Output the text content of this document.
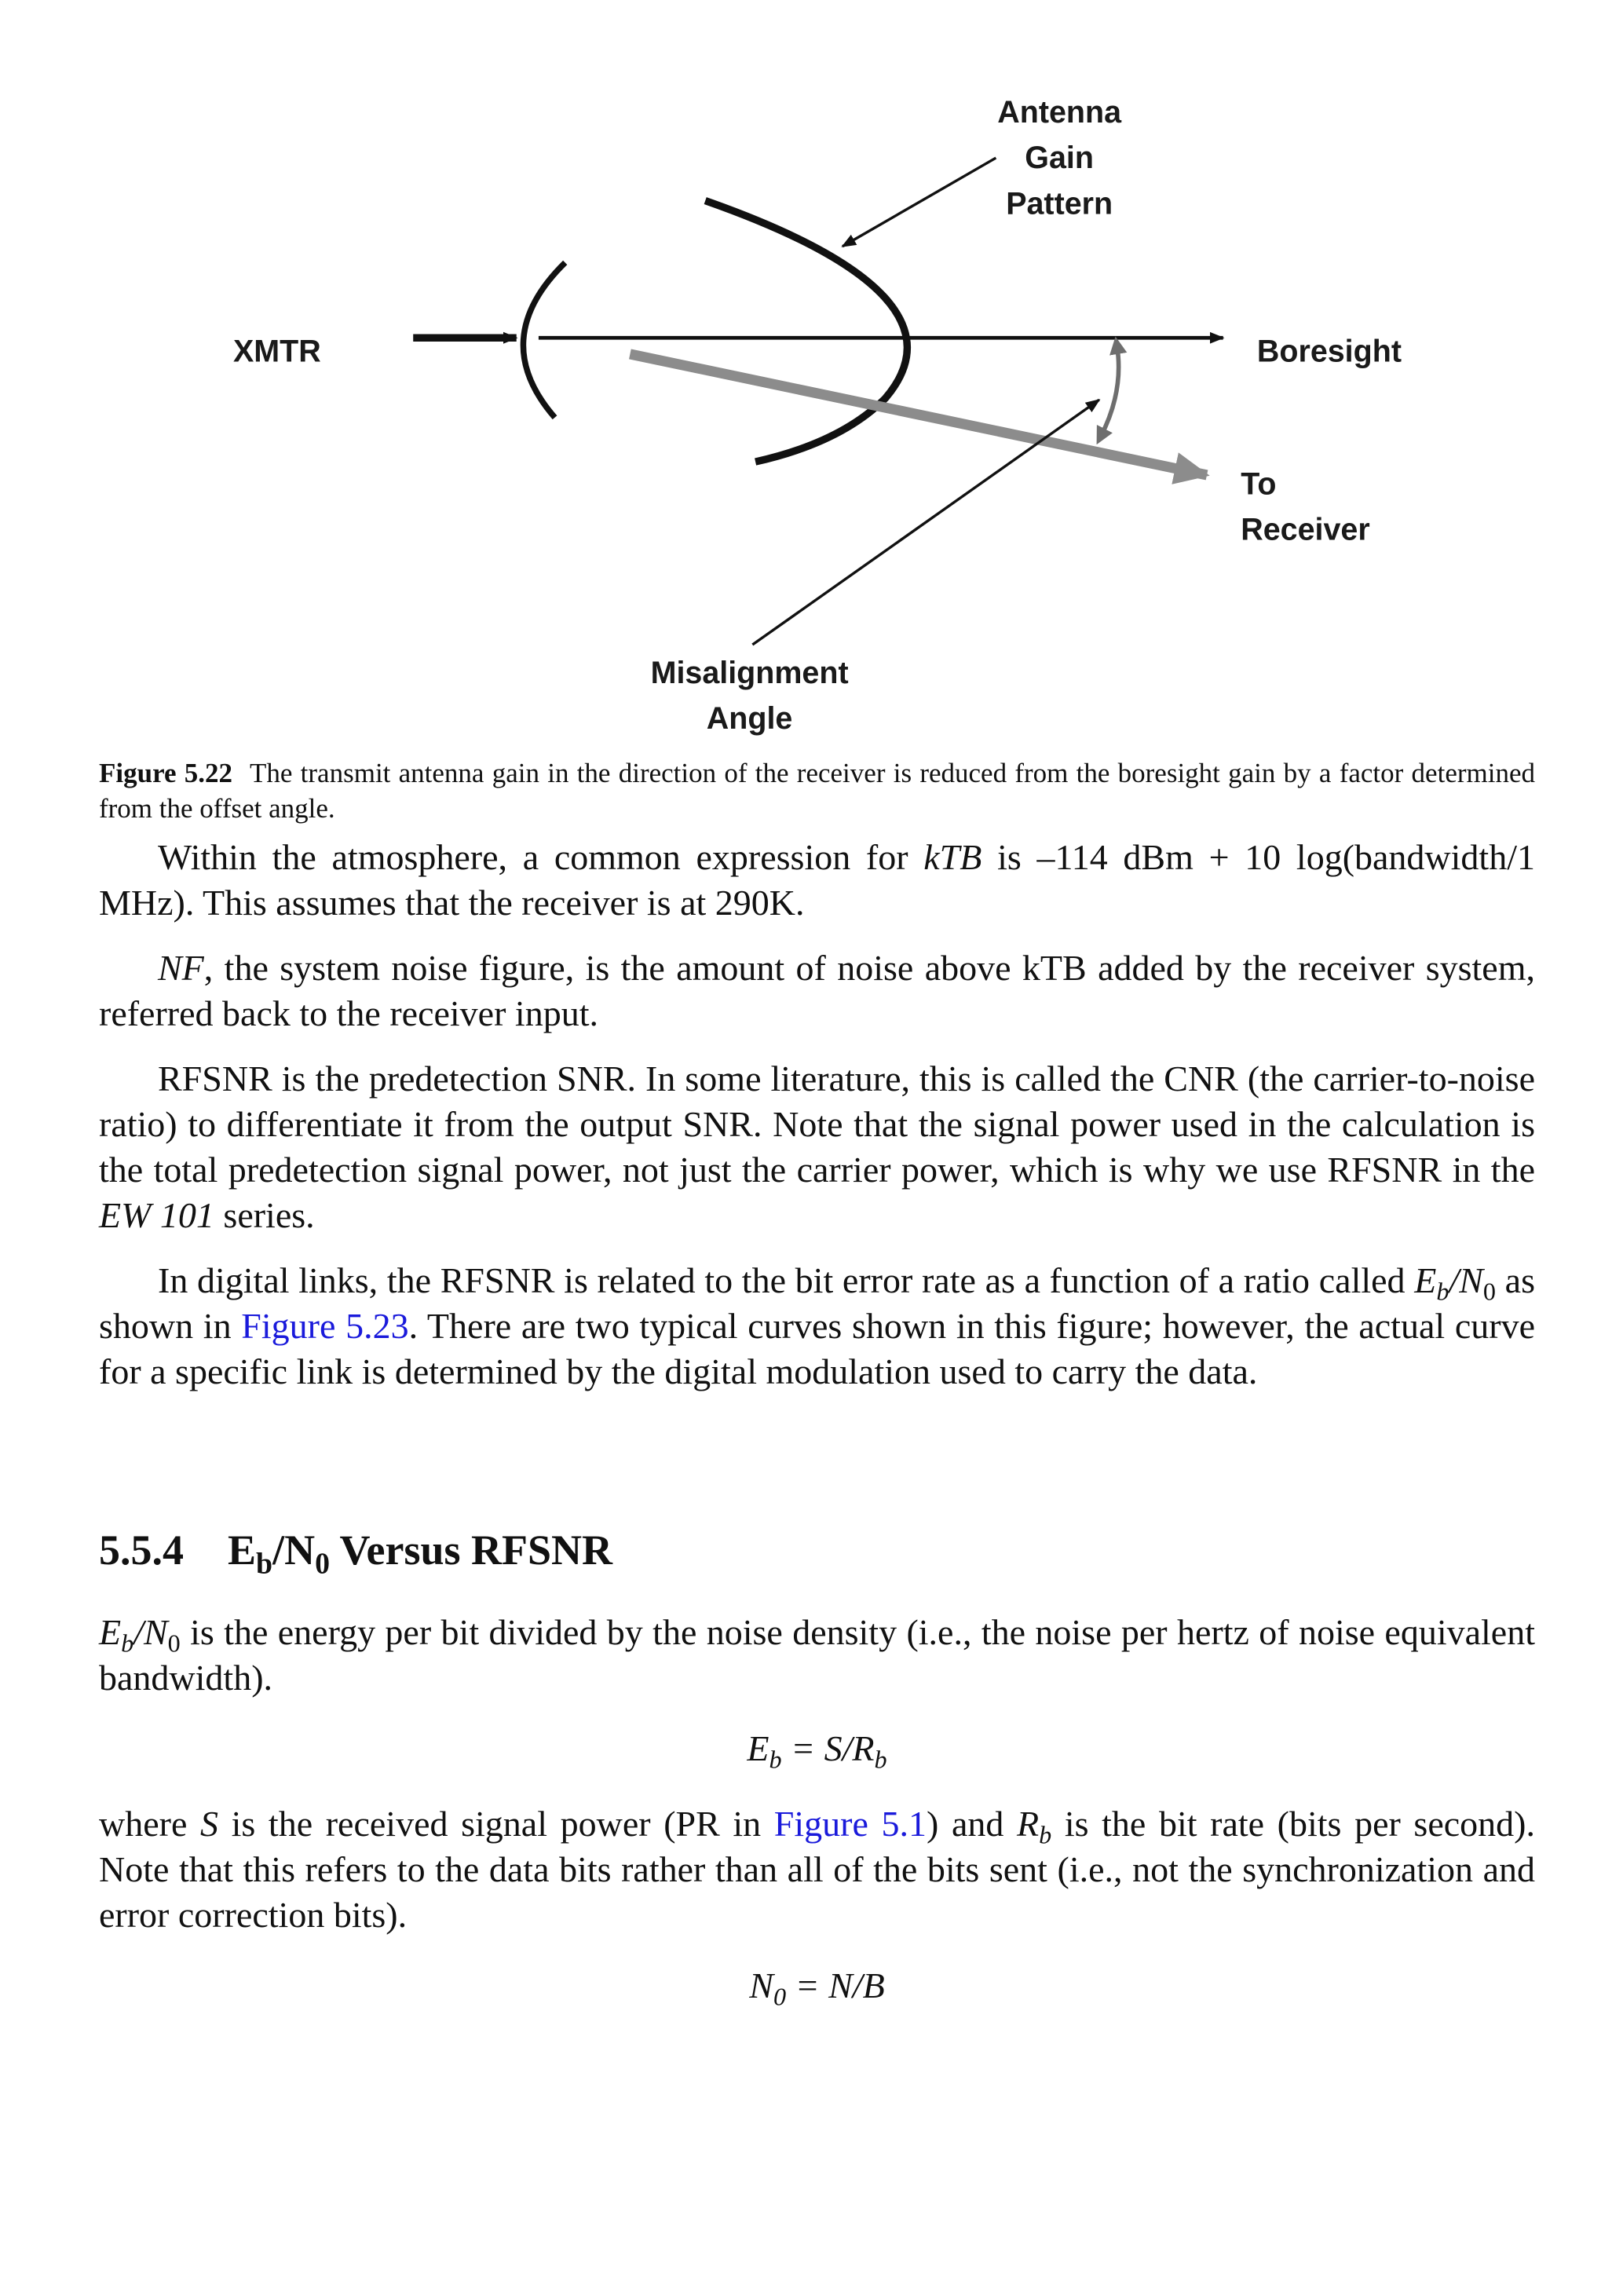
XMTR
Antenna
Gain
Pattern
Boresight
To
Receiver
Misalignment
Angle
Figure 5.22 The transmit antenna gain in the direction of the receiver is reduced from the boresight gain by a factor determined from the offset angle.

Within the atmosphere, a common expression for kTB is –114 dBm + 10 log(bandwidth/1 MHz). This assumes that the receiver is at 290K.

NF, the system noise figure, is the amount of noise above kTB added by the receiver system, referred back to the receiver input.

RFSNR is the predetection SNR. In some literature, this is called the CNR (the carrier-to-noise ratio) to differentiate it from the output SNR. Note that the signal power used in the calculation is the total predetection signal power, not just the carrier power, which is why we use RFSNR in the EW 101 series.

In digital links, the RFSNR is related to the bit error rate as a function of a ratio called $E_b/N_0$ as shown in Figure 5.23. There are two typical curves shown in this figure; however, the actual curve for a specific link is determined by the digital modulation used to carry the data.

5.5.4 $E_b/N_0$ Versus RFSNR

$E_b/N_0$ is the energy per bit divided by the noise density (i.e., the noise per hertz of noise equivalent bandwidth).

$E_b = S/R_b$

where S is the received signal power (PR in Figure 5.1) and $R_b$ is the bit rate (bits per second). Note that this refers to the data bits rather than all of the bits sent (i.e., not the synchronization and error correction bits).

$N_0 = N/B$
